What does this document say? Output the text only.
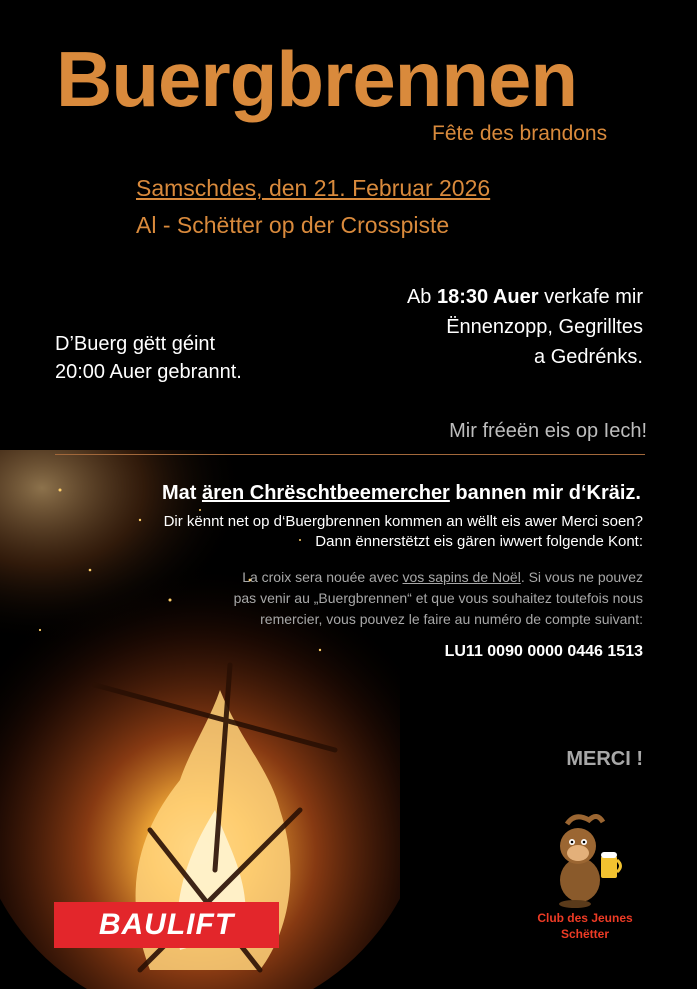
Buergbrennen
Fête des brandons
Samschdes, den 21. Februar 2026
Al - Schëtter op der Crosspiste
Ab 18:30 Auer verkafe mir
Ënnenzopp, Gegrilltes
a Gedrénks.
D’Buerg gëtt géint
20:00 Auer gebrannt.
Mir fréeën eis op Iech!
Mat ären Chrëschtbeemercher bannen mir d‘Kräiz.
Dir kënnt net op d‘Buergbrennen kommen an wëllt eis awer Merci soen?
Dann ënnerstëtzt eis gären iwwert folgende Kont:
La croix sera nouée avec vos sapins de Noël. Si vous ne pouvez
pas venir au „Buergbrennen“ et que vous souhaitez toutefois nous
remercier, vous pouvez le faire au numéro de compte suivant:
LU11 0090 0000 0446 1513
MERCI !
BAULIFT	Club des Jeunes
Schëtter
